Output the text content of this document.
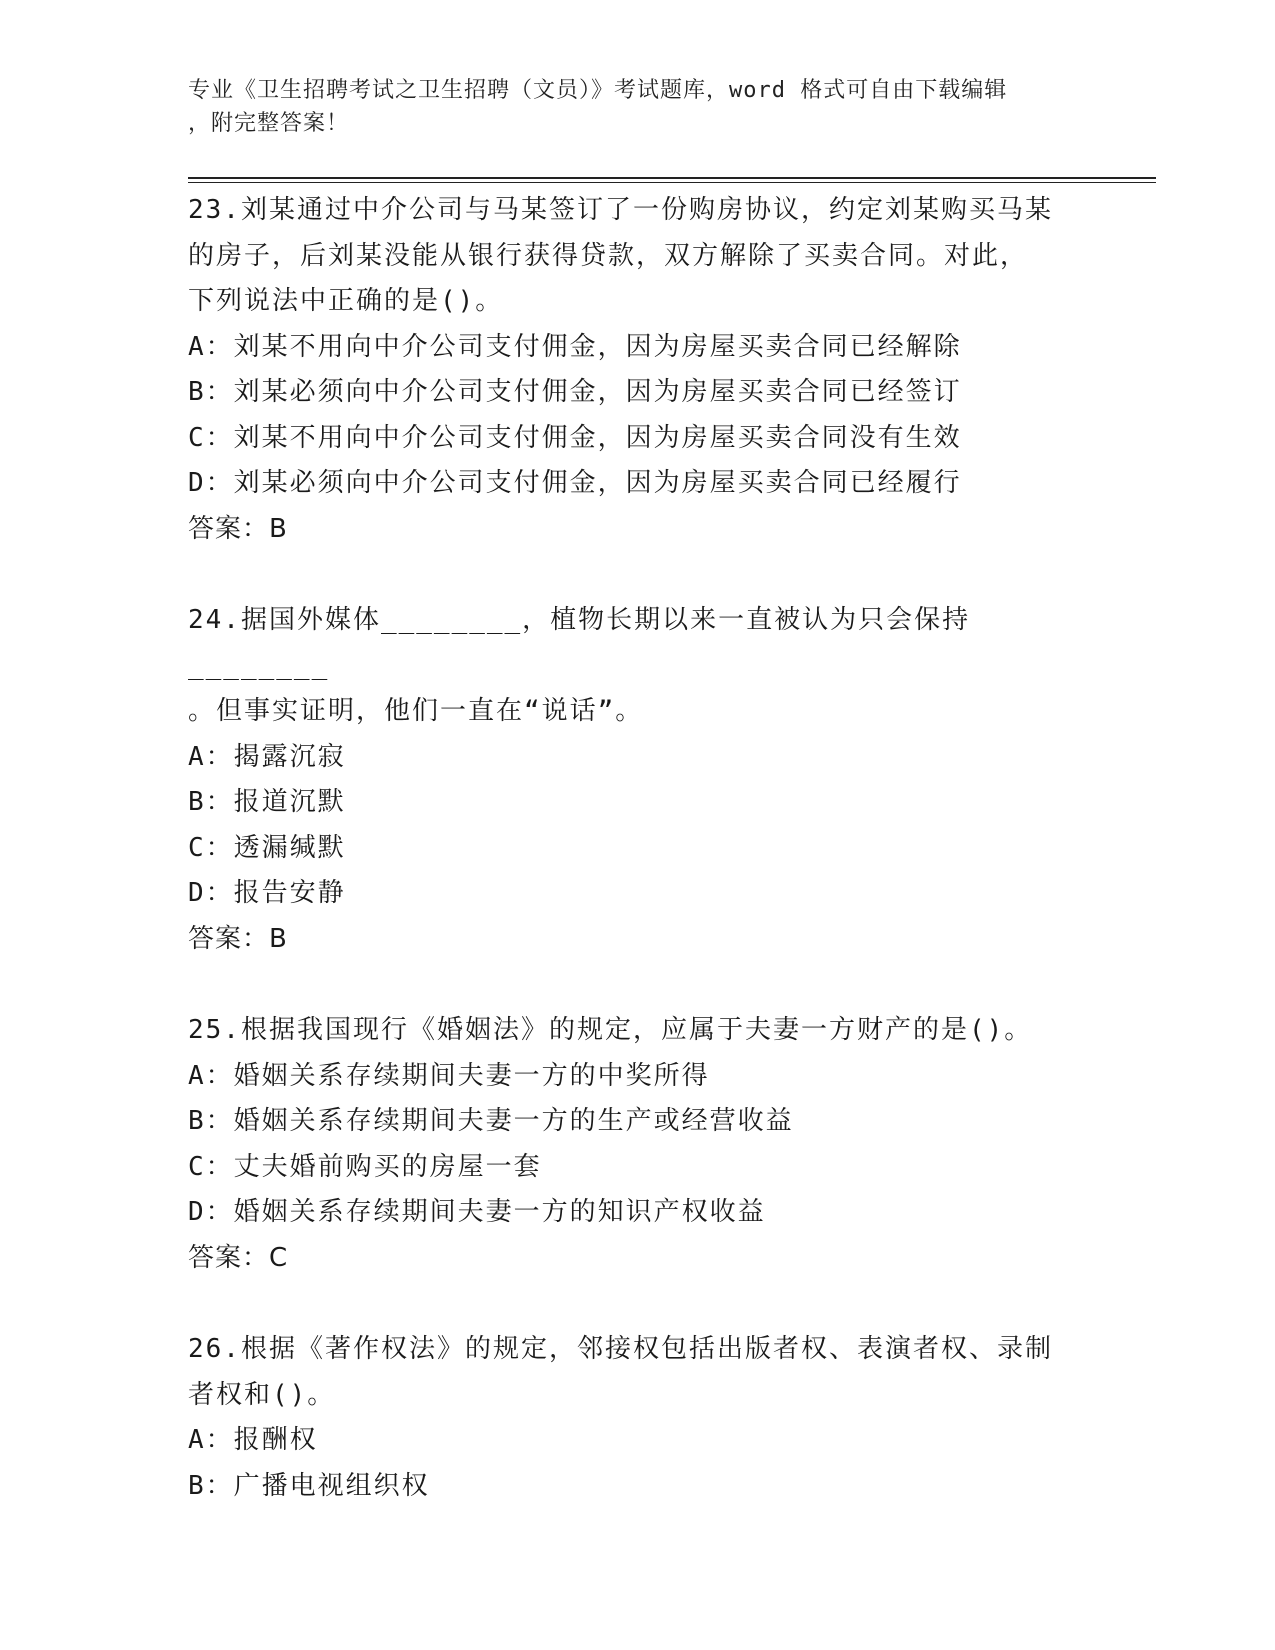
专业《卫生招聘考试之卫生招聘（文员）》考试题库，word 格式可自由下载编辑
，附完整答案！
23.刘某通过中介公司与马某签订了一份购房协议，约定刘某购买马某
的房子，后刘某没能从银行获得贷款，双方解除了买卖合同。对此，
下列说法中正确的是()。
A：刘某不用向中介公司支付佣金，因为房屋买卖合同已经解除
B：刘某必须向中介公司支付佣金，因为房屋买卖合同已经签订
C：刘某不用向中介公司支付佣金，因为房屋买卖合同没有生效
D：刘某必须向中介公司支付佣金，因为房屋买卖合同已经履行
答案：B
24.据国外媒体________，植物长期以来一直被认为只会保持________
。但事实证明，他们一直在“说话”。
A：揭露沉寂
B：报道沉默
C：透漏缄默
D：报告安静
答案：B
25.根据我国现行《婚姻法》的规定，应属于夫妻一方财产的是()。
A：婚姻关系存续期间夫妻一方的中奖所得
B：婚姻关系存续期间夫妻一方的生产或经营收益
C：丈夫婚前购买的房屋一套
D：婚姻关系存续期间夫妻一方的知识产权收益
答案：C
26.根据《著作权法》的规定，邻接权包括出版者权、表演者权、录制
者权和()。
A：报酬权
B：广播电视组织权
